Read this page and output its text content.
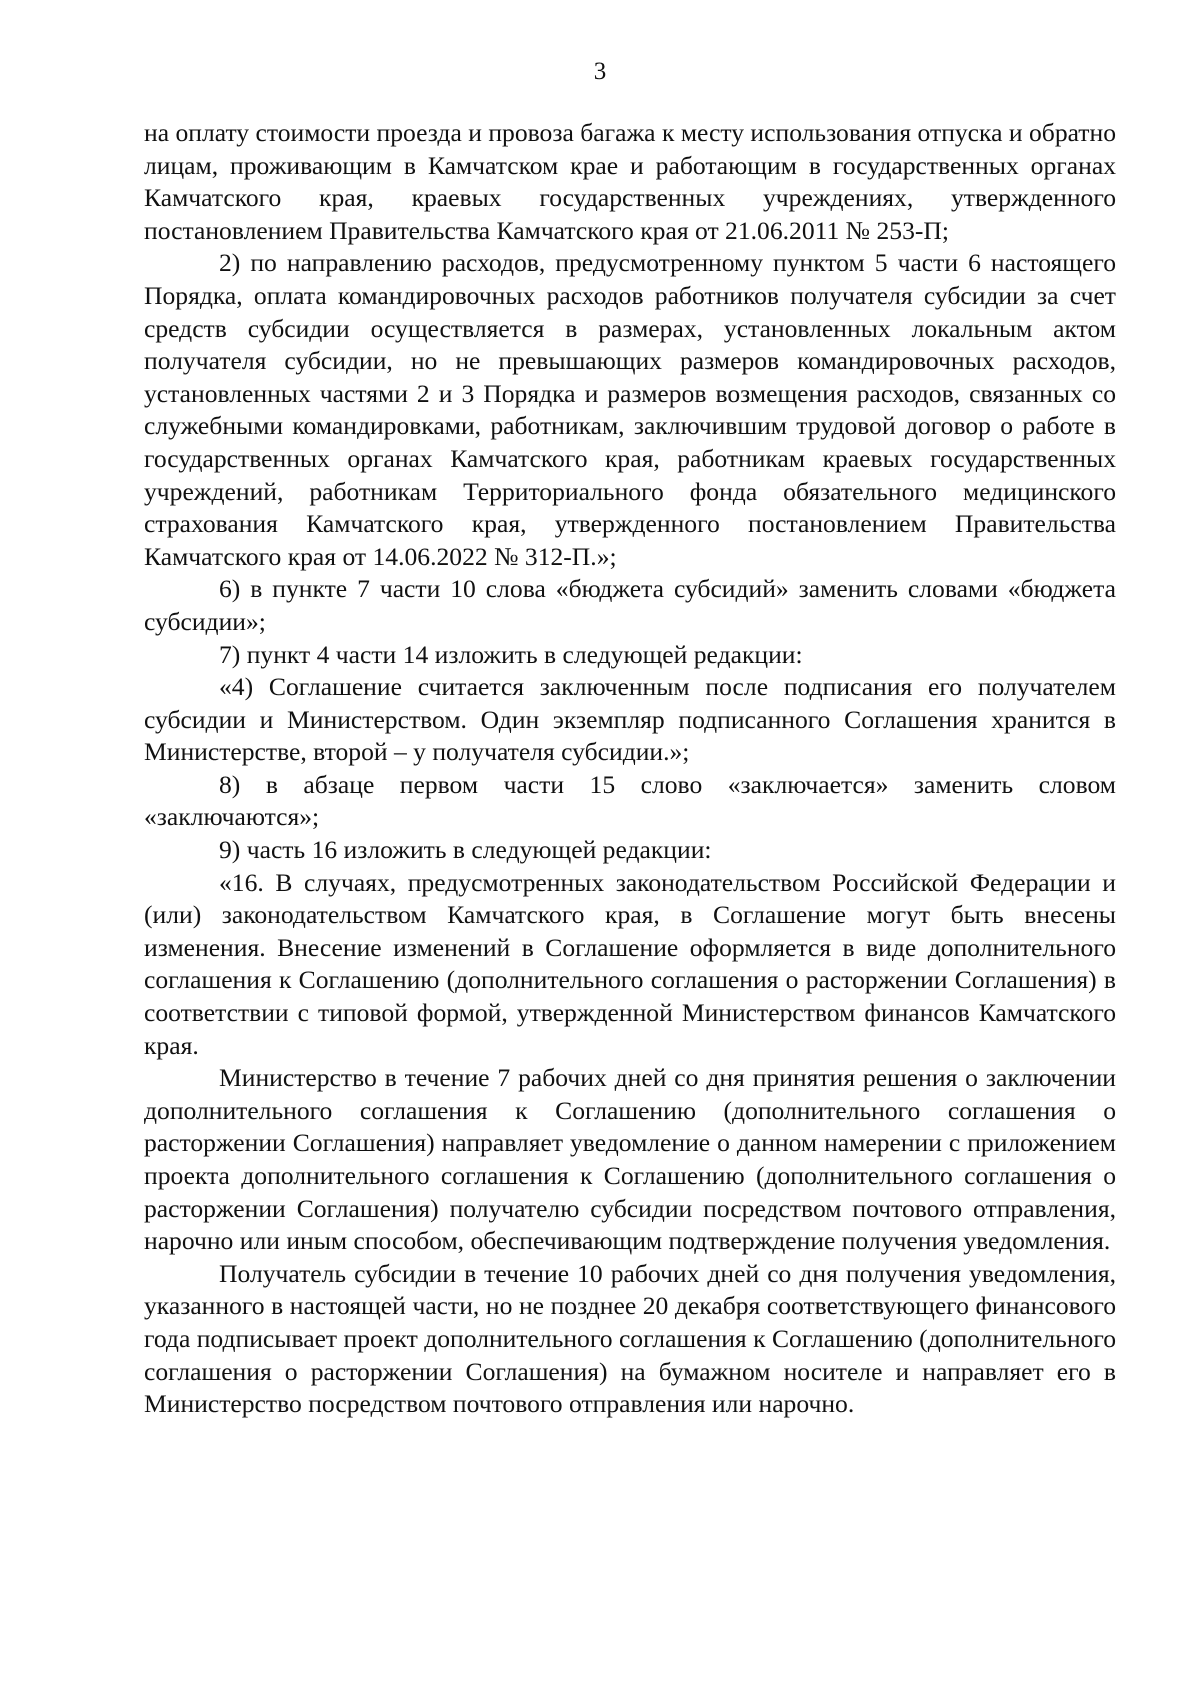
3

на оплату стоимости проезда и провоза багажа к месту использования отпуска и обратно лицам, проживающим в Камчатском крае и работающим в государственных органах Камчатского края, краевых государственных учреждениях, утвержденного постановлением Правительства Камчатского края от 21.06.2011 № 253-П;

2) по направлению расходов, предусмотренному пунктом 5 части 6 настоящего Порядка, оплата командировочных расходов работников получателя субсидии за счет средств субсидии осуществляется в размерах, установленных локальным актом получателя субсидии, но не превышающих размеров командировочных расходов, установленных частями 2 и 3 Порядка и размеров возмещения расходов, связанных со служебными командировками, работникам, заключившим трудовой договор о работе в государственных органах Камчатского края, работникам краевых государственных учреждений, работникам Территориального фонда обязательного медицинского страхования Камчатского края, утвержденного постановлением Правительства Камчатского края от 14.06.2022 № 312-П.»;

6) в пункте 7 части 10 слова «бюджета субсидий» заменить словами «бюджета субсидии»;

7) пункт 4 части 14 изложить в следующей редакции:

«4) Соглашение считается заключенным после подписания его получателем субсидии и Министерством. Один экземпляр подписанного Соглашения хранится в Министерстве, второй – у получателя субсидии.»;

8) в абзаце первом части 15 слово «заключается» заменить словом «заключаются»;

9) часть 16 изложить в следующей редакции:

«16. В случаях, предусмотренных законодательством Российской Федерации и (или) законодательством Камчатского края, в Соглашение могут быть внесены изменения. Внесение изменений в Соглашение оформляется в виде дополнительного соглашения к Соглашению (дополнительного соглашения о расторжении Соглашения) в соответствии с типовой формой, утвержденной Министерством финансов Камчатского края.

Министерство в течение 7 рабочих дней со дня принятия решения о заключении дополнительного соглашения к Соглашению (дополнительного соглашения о расторжении Соглашения) направляет уведомление о данном намерении с приложением проекта дополнительного соглашения к Соглашению (дополнительного соглашения о расторжении Соглашения) получателю субсидии посредством почтового отправления, нарочно или иным способом, обеспечивающим подтверждение получения уведомления.

Получатель субсидии в течение 10 рабочих дней со дня получения уведомления, указанного в настоящей части, но не позднее 20 декабря соответствующего финансового года подписывает проект дополнительного соглашения к Соглашению (дополнительного соглашения о расторжении Соглашения) на бумажном носителе и направляет его в Министерство посредством почтового отправления или нарочно.
